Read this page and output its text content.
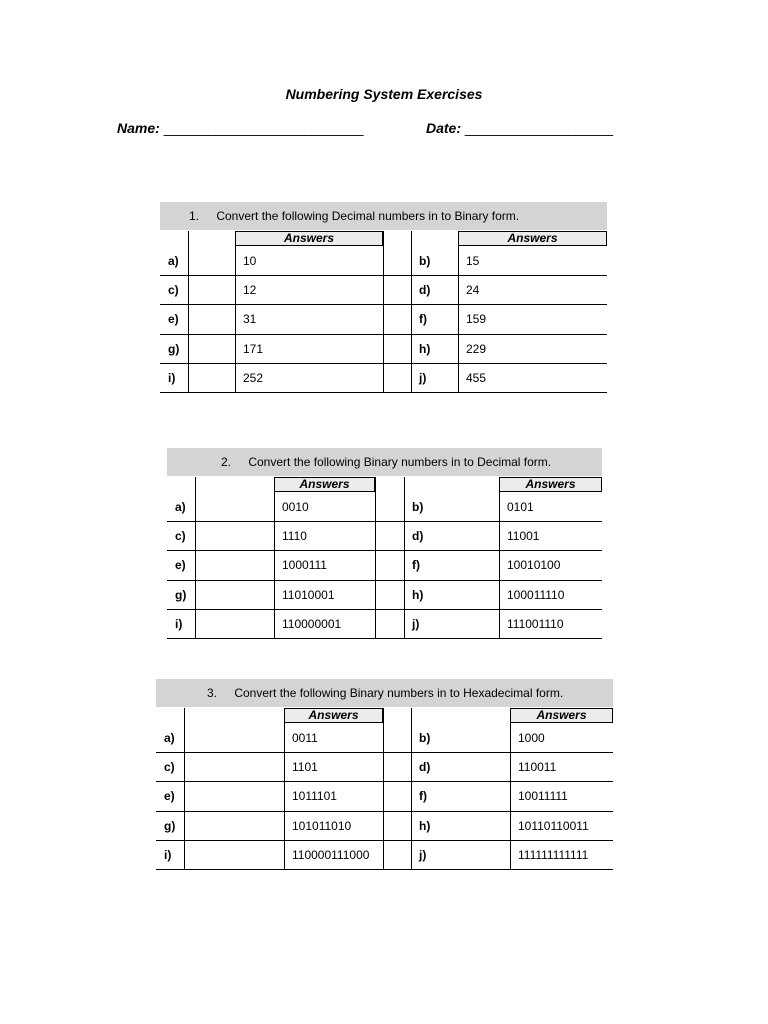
Numbering System Exercises
Name: ___________________________	Date: ____________________
1. Convert the following Decimal numbers in to Binary form.
Answers	Answers
a)	10	b)	15
c)	12	d)	24
e)	31	f)	159
g)	171	h)	229
i)	252	j)	455
2. Convert the following Binary numbers in to Decimal form.
Answers	Answers
a)	0010	b)	0101
c)	1110	d)	11001
e)	1000111	f)	10010100
g)	11010001	h)	100011110
i)	110000001	j)	111001110
3. Convert the following Binary numbers in to Hexadecimal form.
Answers	Answers
a)	0011	b)	1000
c)	1101	d)	110011
e)	1011101	f)	10011111
g)	101011010	h)	10110110011
i)	110000111000	j)	111111111111
